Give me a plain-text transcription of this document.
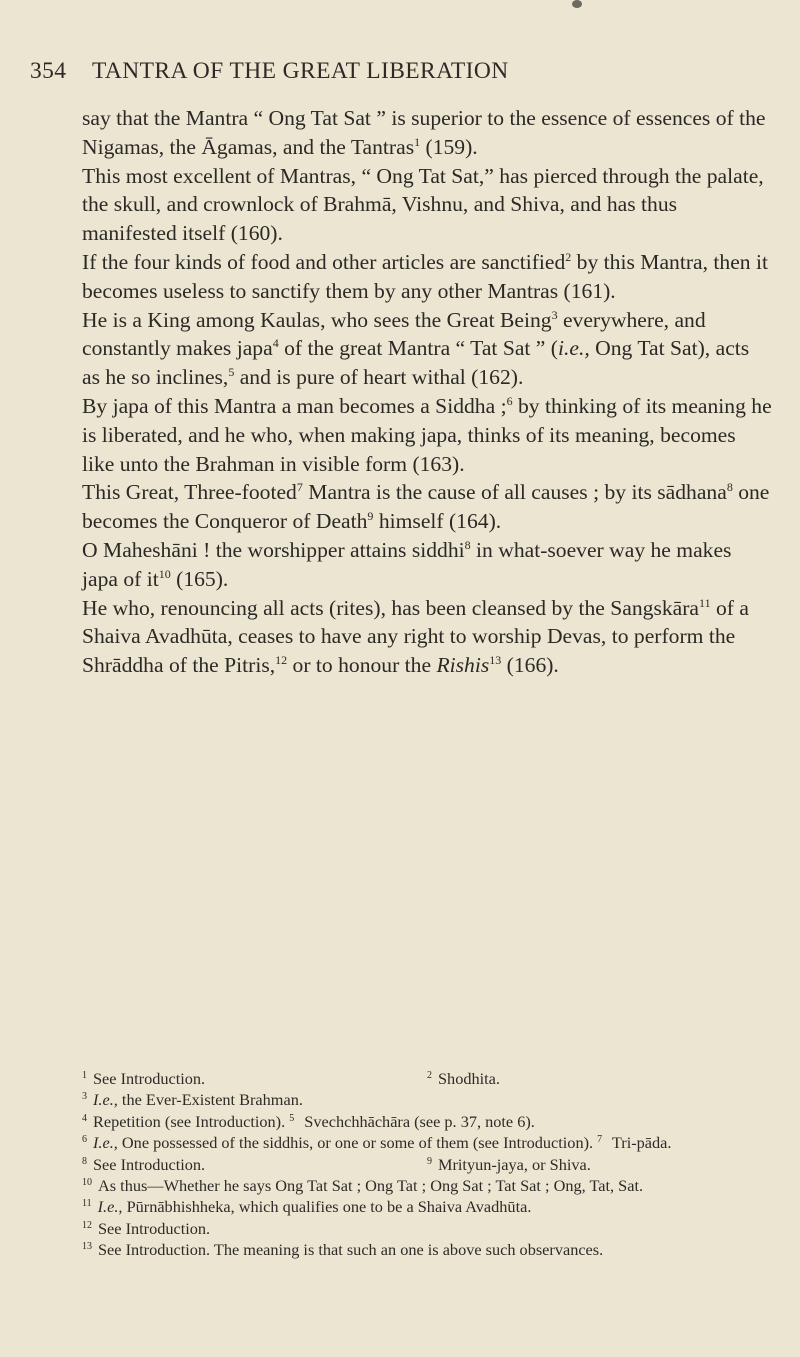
354 TANTRA OF THE GREAT LIBERATION

say that the Mantra “ Ong Tat Sat ” is superior to the essence of essences of the Nigamas, the Āgamas, and the Tantras$^1$ (159).

This most excellent of Mantras, “ Ong Tat Sat,” has pierced through the palate, the skull, and crownlock of Brahmā, Vishnu, and Shiva, and has thus manifested itself (160).

If the four kinds of food and other articles are sanctified$^2$ by this Mantra, then it becomes useless to sanctify them by any other Mantras (161).

He is a King among Kaulas, who sees the Great Being$^3$ everywhere, and constantly makes japa$^4$ of the great Mantra “ Tat Sat ” (i.e., Ong Tat Sat), acts as he so inclines,$^5$ and is pure of heart withal (162).

By japa of this Mantra a man becomes a Siddha ;$^6$ by thinking of its meaning he is liberated, and he who, when making japa, thinks of its meaning, becomes like unto the Brahman in visible form (163).

This Great, Three-footed$^7$ Mantra is the cause of all causes ; by its sādhana$^8$ one becomes the Conqueror of Death$^9$ himself (164).

O Maheshāni ! the worshipper attains siddhi$^8$ in what-soever way he makes japa of $it^{10}$ (165).

He who, renouncing all acts (rites), has been cleansed by the Sangskāra$^{11}$ of a Shaiva Avadhūta, ceases to have any right to worship Devas, to perform the Shrāddha of the Pitris,$^{12}$ or to honour the Rishis$^{13}$ (166).

$^1$ See Introduction.	$^2$ Shodhita.
$^3$ I.e., the Ever-Existent Brahman.
$^4$ Repetition (see Introduction). $^5$ Svechchhāchāra (see p. 37, note 6).
$^6$ I.e., One possessed of the siddhis, or one or some of them (see Introduction). $^7$ Tri-pāda.
$^8$ See Introduction.	$^9$ Mrityun-jaya, or Shiva.
$^{10}$ As thus—Whether he says Ong Tat Sat ; Ong Tat ; Ong Sat ; Tat Sat ; Ong, Tat, Sat.
$^{11}$ I.e., Pūrnābhishheka, which qualifies one to be a Shaiva Avadhūta.
$^{12}$ See Introduction.
$^{13}$ See Introduction. The meaning is that such an one is above such observances.
